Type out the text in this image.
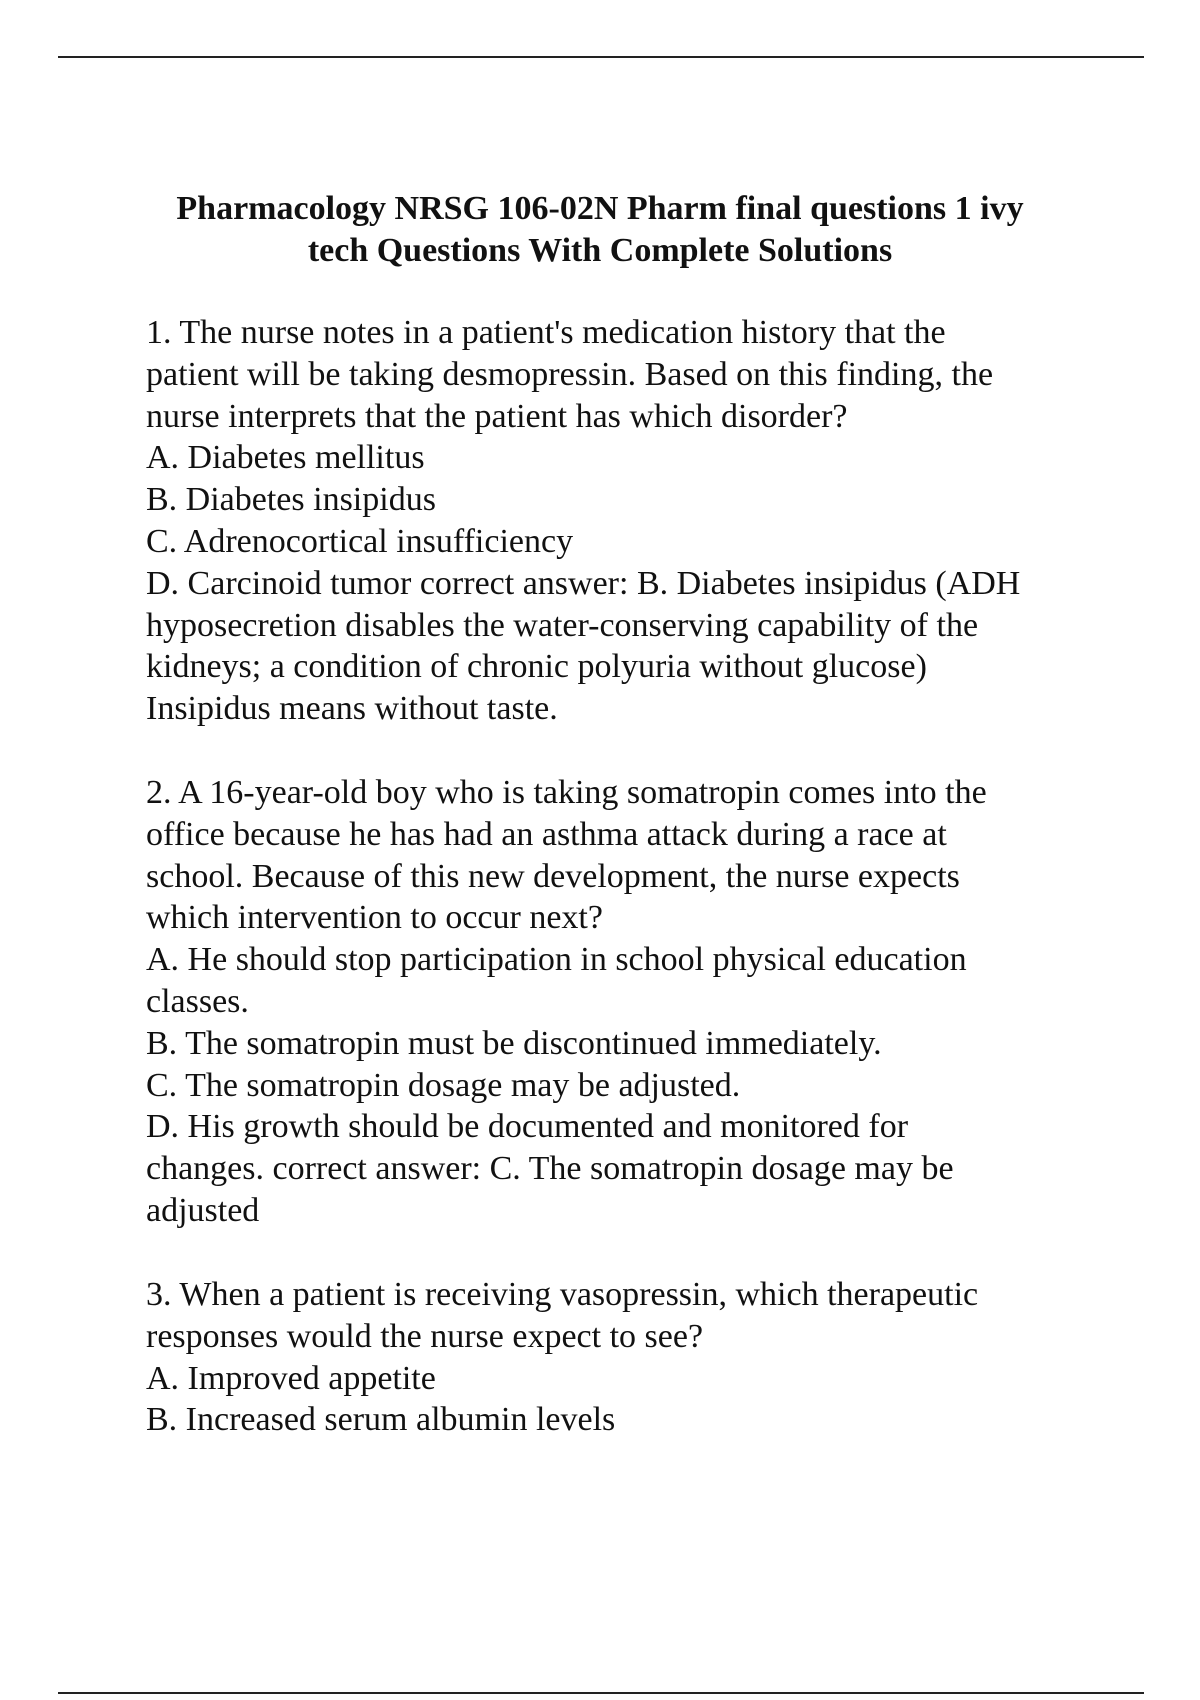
Pharmacology NRSG 106-02N Pharm final questions 1 ivy
tech Questions With Complete Solutions
1. The nurse notes in a patient's medication history that the
patient will be taking desmopressin. Based on this finding, the
nurse interprets that the patient has which disorder?
A. Diabetes mellitus
B. Diabetes insipidus
C. Adrenocortical insufficiency
D. Carcinoid tumor correct answer: B. Diabetes insipidus (ADH
hyposecretion disables the water-conserving capability of the
kidneys; a condition of chronic polyuria without glucose)
Insipidus means without taste.
2. A 16-year-old boy who is taking somatropin comes into the
office because he has had an asthma attack during a race at
school. Because of this new development, the nurse expects
which intervention to occur next?
A. He should stop participation in school physical education
classes.
B. The somatropin must be discontinued immediately.
C. The somatropin dosage may be adjusted.
D. His growth should be documented and monitored for
changes. correct answer: C. The somatropin dosage may be
adjusted
3. When a patient is receiving vasopressin, which therapeutic
responses would the nurse expect to see?
A. Improved appetite
B. Increased serum albumin levels
